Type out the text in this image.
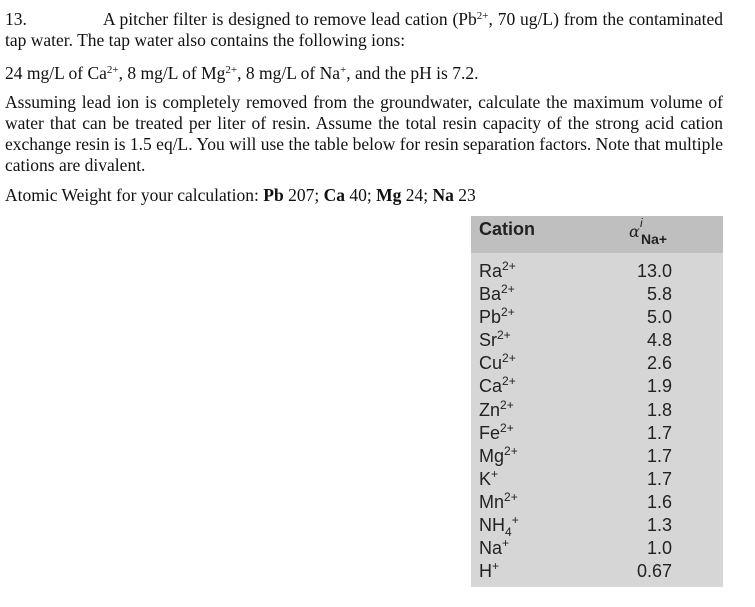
13.	A pitcher filter is designed to remove lead cation ($Pb^{2+}$, 70 ug/L) from the contaminated tap water. The tap water also contains the following ions:

24 mg/L of $Ca^{2+}$, 8 mg/L of $Mg^{2+}$, 8 mg/L of Na+, and the pH is 7.2.

Assuming lead ion is completely removed from the groundwater, calculate the maximum volume of water that can be treated per liter of resin. Assume the total resin capacity of the strong acid cation exchange resin is 1.5 eq/L. You will use the table below for resin separation factors. Note that multiple cations are divalent.

Atomic Weight for your calculation: Pb 207; Ca 40; Mg 24; Na 23

Cation	α i
Na+
$Ra^{2+}$	13.0
$Ba^{2+}$	5.8
$Pb^{2+}$	5.0
$Sr^{2+}$	4.8
$Cu^{2+}$	2.6
$Ca^{2+}$	1.9
$Zn^{2+}$	1.8
$Fe^{2+}$	1.7
$Mg^{2+}$	1.7
K+	1.7
$Mn^{2+}$	1.6
$NH_4^+$	1.3
Na+	1.0
H+	0.67
